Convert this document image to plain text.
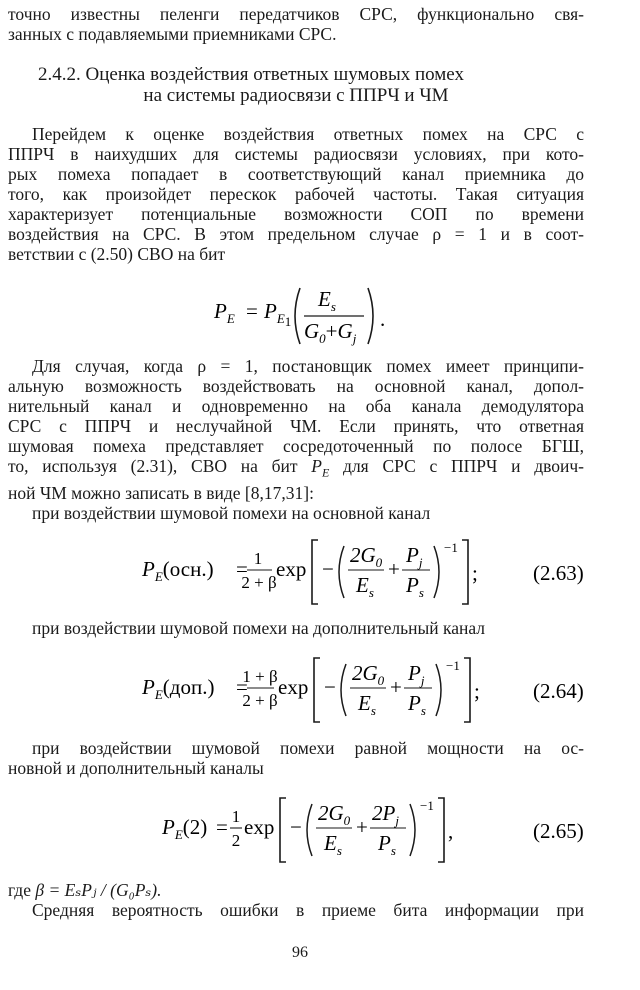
точно известны пеленги передатчиков СРС, функционально свя-
занных с подавляемыми приемниками СРС.
2.4.2. Оценка воздействия ответных шумовых помех
на системы радиосвязи с ППРЧ и ЧМ
Перейдем к оценке воздействия ответных помех на СРС с
ППРЧ в наихудших для системы радиосвязи условиях, при кото-
рых помеха попадает в соответствующий канал приемника до
того, как произойдет перескок рабочей частоты. Такая ситуация
характеризует потенциальные возможности СОП по времени
воздействия на СРС. В этом предельном случае ρ = 1 и в соот-
ветствии с (2.50) СВО на бит
$P_E = P_E1$
$E_s$
$G_0+G_j$
.
Для случая, когда ρ = 1, постановщик помех имеет принципи-
альную возможность воздействовать на основной канал, допол-
нительный канал и одновременно на оба канала демодулятора
СРС с ППРЧ и неслучайной ЧМ. Если принять, что ответная
шумовая помеха представляет сосредоточенный по полосе БГШ,
то, используя (2.31), СВО на бит $P_E$ для СРС с ППРЧ и двоич-
ной ЧМ можно записать в виде [8,17,31]:
при воздействии шумовой помехи на основной канал
$P_E(осн.) = 1$
2 + β
exp −
$2G_0$
$E_s$
+
$P_j$
$P_s$
−1
;	(2.63)
при воздействии шумовой помехи на дополнительный канал
$P_E(доп.)$ =
1 + β
2 + β
exp −
$2G_0$
$E_s$
+
$P_j$
$P_s$
−1
;	(2.64)
при воздействии шумовой помехи равной мощности на ос-
новной и дополнительный каналы
$P_E(2) = 1$
2
exp −
$2G_0$
$E_s$
+
$2P_j$
$P_s$
−1
,	(2.65)
где β = EₛPⱼ / (G₀Pₛ).
Средняя вероятность ошибки в приеме бита информации при
96
